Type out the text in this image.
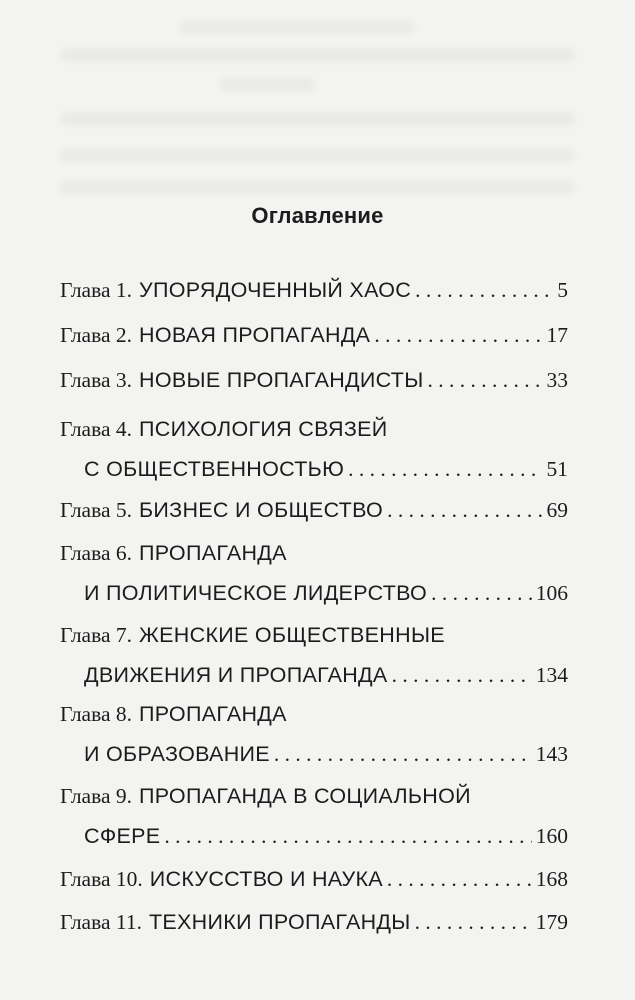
Оглавление
Глава 1. УПОРЯДОЧЕННЫЙ ХАОС . . .	5
Глава 2. НОВАЯ ПРОПАГАНДА . . .	17
Глава 3. НОВЫЕ ПРОПАГАНДИСТЫ . . .	33
Глава 4. ПСИХОЛОГИЯ СВЯЗЕЙ
С ОБЩЕСТВЕННОСТЬЮ . . .	51
Глава 5. БИЗНЕС И ОБЩЕСТВО . . .	69
Глава 6. ПРОПАГАНДА
И ПОЛИТИЧЕСКОЕ ЛИДЕРСТВО . . .	106
Глава 7. ЖЕНСКИЕ ОБЩЕСТВЕННЫЕ
ДВИЖЕНИЯ И ПРОПАГАНДА . . .	134
Глава 8. ПРОПАГАНДА
И ОБРАЗОВАНИЕ . . .	143
Глава 9. ПРОПАГАНДА В СОЦИАЛЬНОЙ
СФЕРЕ . . .	160
Глава 10. ИСКУССТВО И НАУКА . . .	168
Глава 11. ТЕХНИКИ ПРОПАГАНДЫ . . .	179
